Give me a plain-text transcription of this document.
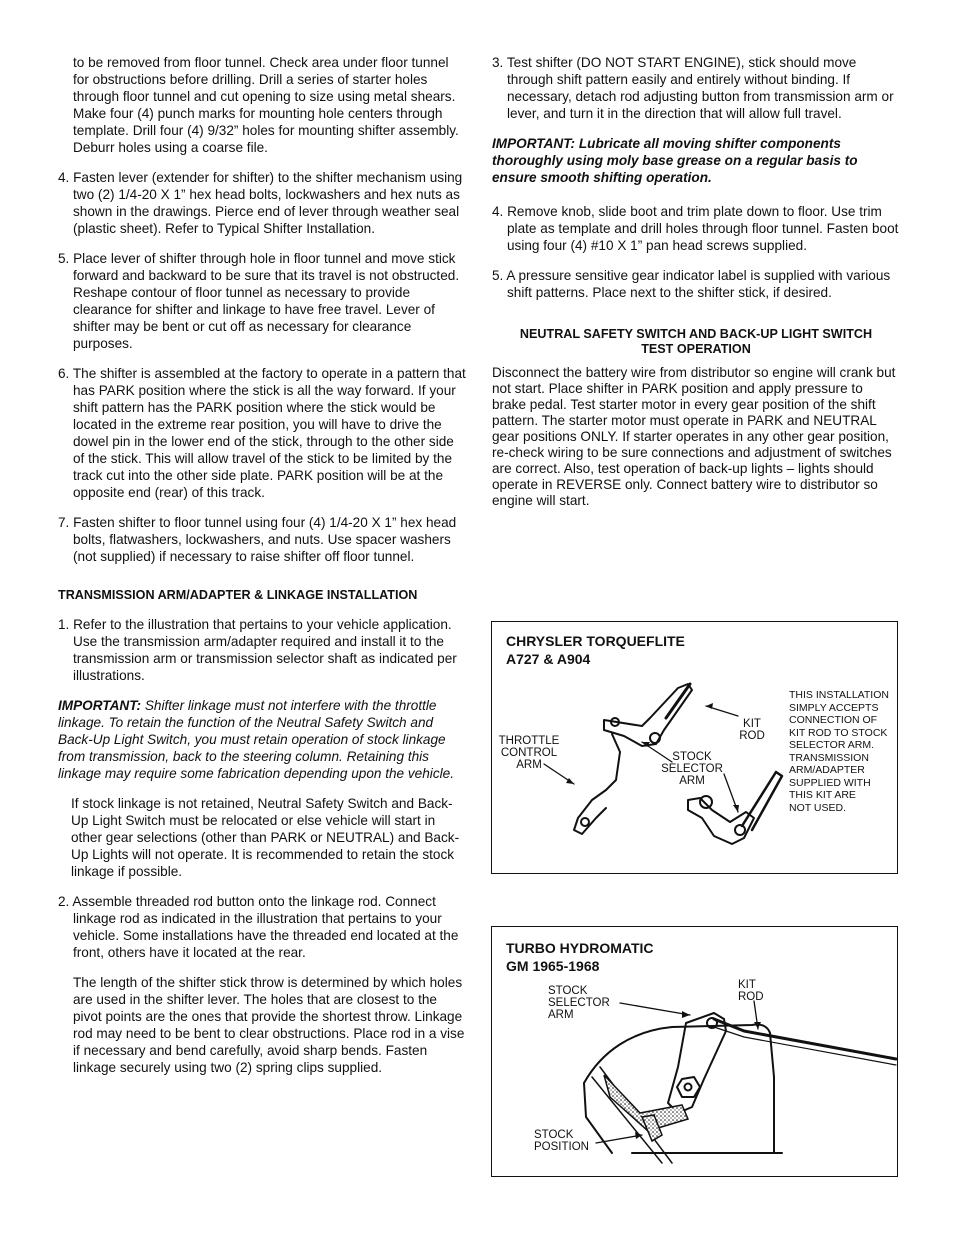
to be removed from floor tunnel. Check area under floor tunnel for obstructions before drilling. Drill a series of starter holes through floor tunnel and cut opening to size using metal shears. Make four (4) punch marks for mounting hole centers through template. Drill four (4) 9/32” holes for mounting shifter assembly. Deburr holes using a coarse file.

4. Fasten lever (extender for shifter) to the shifter mechanism using two (2) 1/4-20 X 1” hex head bolts, lockwashers and hex nuts as shown in the drawings. Pierce end of lever through weather seal (plastic sheet). Refer to Typical Shifter Installation.

5. Place lever of shifter through hole in floor tunnel and move stick forward and backward to be sure that its travel is not obstructed. Reshape contour of floor tunnel as necessary to provide clearance for shifter and linkage to have free travel. Lever of shifter may be bent or cut off as necessary for clearance purposes.

6. The shifter is assembled at the factory to operate in a pattern that has PARK position where the stick is all the way forward. If your shift pattern has the PARK position where the stick would be located in the extreme rear position, you will have to drive the dowel pin in the lower end of the stick, through to the other side of the stick. This will allow travel of the stick to be limited by the track cut into the other side plate. PARK position will be at the opposite end (rear) of this track.

7. Fasten shifter to floor tunnel using four (4) 1/4-20 X 1” hex head bolts, flatwashers, lockwashers, and nuts. Use spacer washers (not supplied) if necessary to raise shifter off floor tunnel.

TRANSMISSION ARM/ADAPTER & LINKAGE INSTALLATION

1. Refer to the illustration that pertains to your vehicle application. Use the transmission arm/adapter required and install it to the transmission arm or transmission selector shaft as indicated per illustrations.

IMPORTANT: Shifter linkage must not interfere with the throttle linkage. To retain the function of the Neutral Safety Switch and Back-Up Light Switch, you must retain operation of stock linkage from transmission, back to the steering column. Retaining this linkage may require some fabrication depending upon the vehicle.

If stock linkage is not retained, Neutral Safety Switch and Back-Up Light Switch must be relocated or else vehicle will start in other gear selections (other than PARK or NEUTRAL) and Back-Up Lights will not operate. It is recommended to retain the stock linkage if possible.

2. Assemble threaded rod button onto the linkage rod. Connect linkage rod as indicated in the illustration that pertains to your vehicle. Some installations have the threaded end located at the front, others have it located at the rear.

The length of the shifter stick throw is determined by which holes are used in the shifter lever. The holes that are closest to the pivot points are the ones that provide the shortest throw. Linkage rod may need to be bent to clear obstructions. Place rod in a vise if necessary and bend carefully, avoid sharp bends. Fasten linkage securely using two (2) spring clips supplied.

3. Test shifter (DO NOT START ENGINE), stick should move through shift pattern easily and entirely without binding. If necessary, detach rod adjusting button from transmission arm or lever, and turn it in the direction that will allow full travel.

IMPORTANT: Lubricate all moving shifter components thoroughly using moly base grease on a regular basis to ensure smooth shifting operation.

4. Remove knob, slide boot and trim plate down to floor. Use trim plate as template and drill holes through floor tunnel. Fasten boot using four (4) #10 X 1” pan head screws supplied.

5. A pressure sensitive gear indicator label is supplied with various shift patterns. Place next to the shifter stick, if desired.

NEUTRAL SAFETY SWITCH AND BACK-UP LIGHT SWITCH
TEST OPERATION

Disconnect the battery wire from distributor so engine will crank but not start. Place shifter in PARK position and apply pressure to brake pedal. Test starter motor in every gear position of the shift pattern. The starter motor must operate in PARK and NEUTRAL gear positions ONLY. If starter operates in any other gear position, re-check wiring to be sure connections and adjustment of switches are correct. Also, test operation of back-up lights – lights should operate in REVERSE only. Connect battery wire to distributor so engine will start.

CHRYSLER TORQUEFLITE
A727 & A904
THROTTLE
CONTROL
ARM
STOCK
SELECTOR
ARM
KIT
ROD
THIS INSTALLATION
SIMPLY ACCEPTS
CONNECTION OF
KIT ROD TO STOCK
SELECTOR ARM.
TRANSMISSION
ARM/ADAPTER
SUPPLIED WITH
THIS KIT ARE
NOT USED.
TURBO HYDROMATIC
GM 1965-1968
STOCK
SELECTOR
ARM
KIT
ROD
STOCK
POSITION
